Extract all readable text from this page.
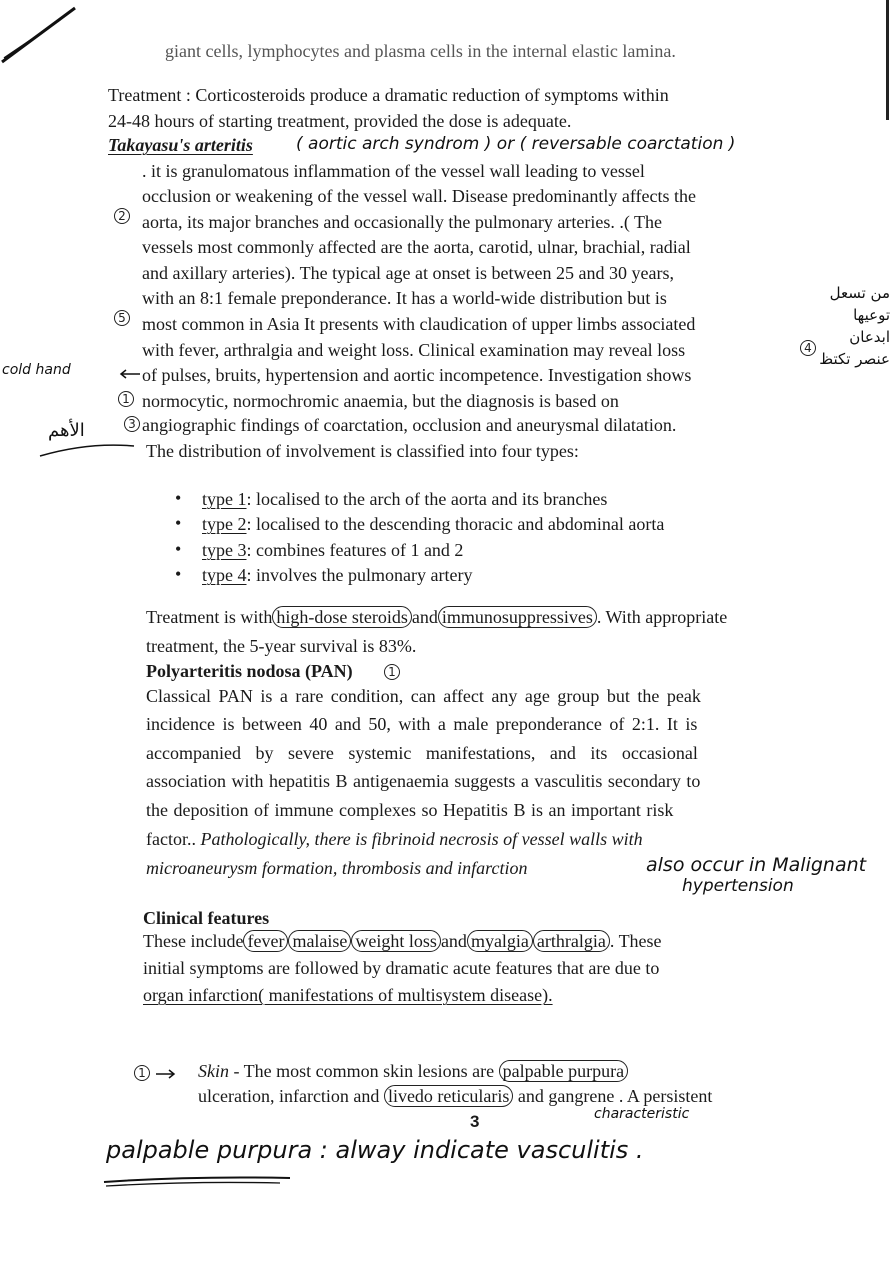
giant cells, lymphocytes and plasma cells in the internal elastic lamina.
Treatment : Corticosteroids produce a dramatic reduction of symptoms within
24-48 hours of starting treatment, provided the dose is adequate.
Takayasu's arteritis	( aortic arch syndrom ) or ( reversable coarctation )
. it is granulomatous inflammation of the vessel wall leading to vessel
occlusion or weakening of the vessel wall. Disease predominantly affects the
aorta, its major branches and occasionally the pulmonary arteries. .( The
vessels most commonly affected are the aorta, carotid, ulnar, brachial, radial
and axillary arteries). The typical age at onset is between 25 and 30 years,
with an 8:1 female preponderance. It has a world-wide distribution but is
most common in Asia It presents with claudication of upper limbs associated
with fever, arthralgia and weight loss. Clinical examination may reveal loss
of pulses, bruits, hypertension and aortic incompetence. Investigation shows
normocytic, normochromic anaemia, but the diagnosis is based on
angiographic findings of coarctation, occlusion and aneurysmal dilatation.
The distribution of involvement is classified into four types:
2
5
1
3
4
cold hand
الأهم
من تسعل توعيها ابدعان عنصر تكتظ
• type 1: localised to the arch of the aorta and its branches
• type 2: localised to the descending thoracic and abdominal aorta
• type 3: combines features of 1 and 2
• type 4: involves the pulmonary artery
Treatment is with high-dose steroids and immunosuppressives . With appropriate
treatment, the 5-year survival is 83%.
Polyarteritis nodosa (PAN)	1
Classical PAN is a rare condition, can affect any age group but the peak
incidence is between 40 and 50, with a male preponderance of 2:1. It is
accompanied by severe systemic manifestations, and its occasional
association with hepatitis B antigenaemia suggests a vasculitis secondary to
the deposition of immune complexes so Hepatitis B is an important risk
factor.. Pathologically, there is fibrinoid necrosis of vessel walls with
microaneurysm formation, thrombosis and infarction	also occur in Malignant
hypertension
Clinical features
These include fever malaise weight loss and myalgia arthralgia . These
initial symptoms are followed by dramatic acute features that are due to
organ infarction( manifestations of multisystem disease).
1	Skin - The most common skin lesions are palpable purpura
ulceration, infarction and livedo reticularis and gangrene . A persistent
characteristic
3
palpable purpura : alway indicate vasculitis .
